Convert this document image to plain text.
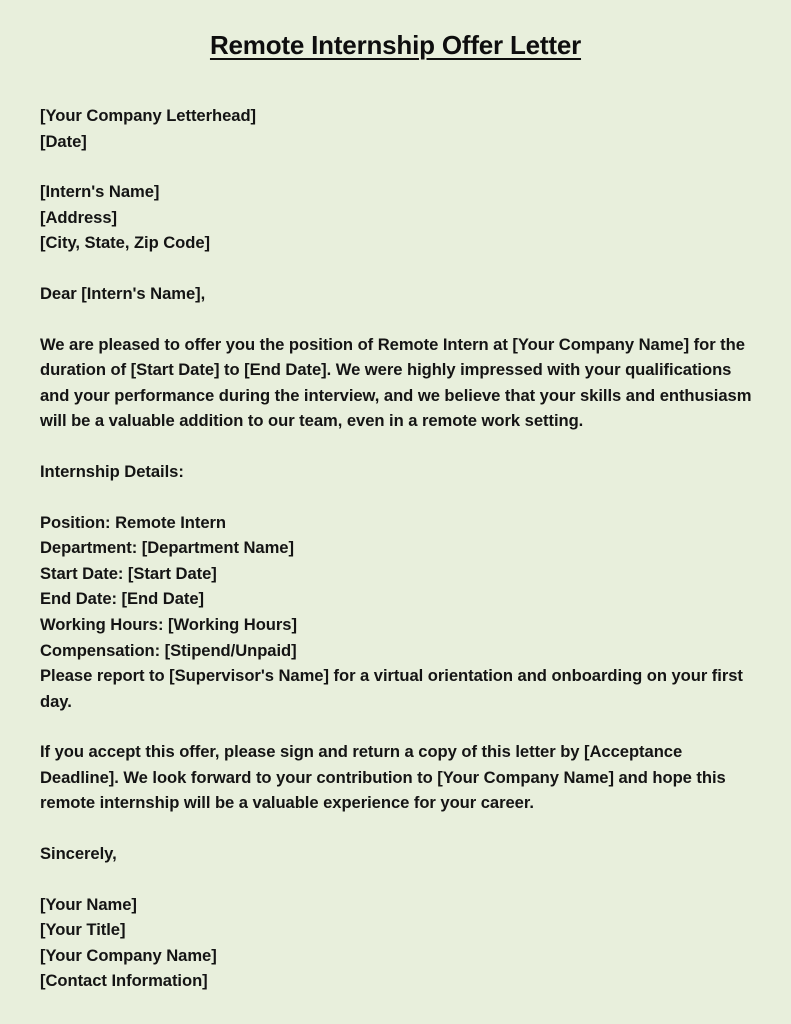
Remote Internship Offer Letter

[Your Company Letterhead]

[Date]

[Intern's Name]

[Address]

[City, State, Zip Code]

Dear [Intern's Name],

We are pleased to offer you the position of Remote Intern at [Your Company Name] for the duration of [Start Date] to [End Date]. We were highly impressed with your qualifications and your performance during the interview, and we believe that your skills and enthusiasm will be a valuable addition to our team, even in a remote work setting.

Internship Details:

Position: Remote Intern

Department: [Department Name]

Start Date: [Start Date]

End Date: [End Date]

Working Hours: [Working Hours]

Compensation: [Stipend/Unpaid]

Please report to [Supervisor's Name] for a virtual orientation and onboarding on your first day.

If you accept this offer, please sign and return a copy of this letter by [Acceptance Deadline]. We look forward to your contribution to [Your Company Name] and hope this remote internship will be a valuable experience for your career.

Sincerely,

[Your Name]

[Your Title]

[Your Company Name]

[Contact Information]
